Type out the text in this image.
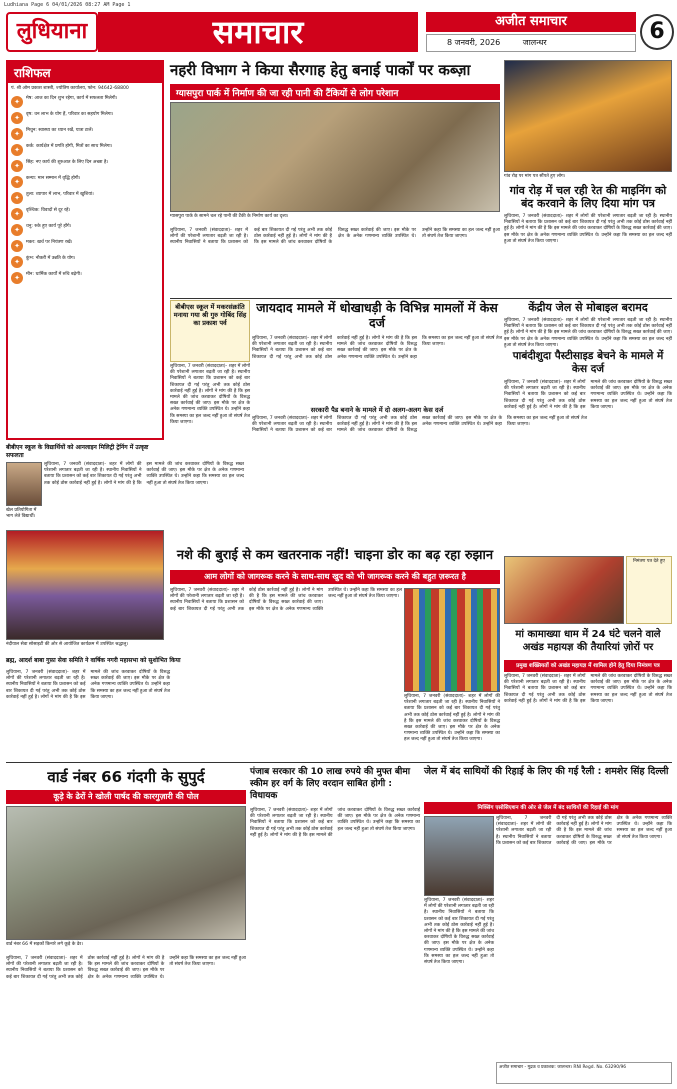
Ludhiana Page 6 04/01/2026 08:27 AM Page 1
लुधियाना	समाचार	अजीत समाचार
8 जनवरी, 2026	जालन्धर	6
राशिफल
पं. श्री ओम प्रकाश शास्त्री, ज्योतिष कार्यालय, फोन: 94642-68800
✦	मेष: आज का दिन शुभ रहेगा, कार्य में सफलता मिलेगी।
✦	वृष: धन लाभ के योग हैं, परिवार का सहयोग मिलेगा।
✦	मिथुन: स्वास्थ्य का ध्यान रखें, यात्रा टालें।
✦	कर्क: कार्यक्षेत्र में प्रगति होगी, मित्रों का साथ मिलेगा।
✦	सिंह: नए कार्य की शुरुआत के लिए दिन अच्छा है।
✦	कन्या: मान सम्मान में वृद्धि होगी।
✦	तुला: व्यापार में लाभ, परिवार में खुशियां।
✦	वृश्चिक: विवादों से दूर रहें।
✦	धनु: रुके हुए कार्य पूरे होंगे।
✦	मकर: खर्च पर नियंत्रण रखें।
✦	कुंभ: नौकरी में उन्नति के योग।
✦	मीन: धार्मिक कार्यों में रुचि बढ़ेगी।
नहरी विभाग ने किया सैरगाह हेतु बनाई पार्कों पर कब्ज़ा
ग्यासपुरा पार्क में निर्माण की जा रही पानी की टैंकियों से लोग परेशान
ग्यासपुरा पार्क के सामने चल रहे पानी की टैंकी के निर्माण कार्य का दृश्य।
लुधियाना, 7 जनवरी (संवाददाता)- शहर में लोगों की परेशानी लगातार बढ़ती जा रही है। स्थानीय निवासियों ने बताया कि प्रशासन को कई बार शिकायत दी गई परंतु अभी तक कोई ठोस कार्रवाई नहीं हुई है। लोगों ने मांग की है कि इस मामले की जांच करवाकर दोषियों के विरुद्ध सख्त कार्रवाई की जाए। इस मौके पर क्षेत्र के अनेक गणमान्य व्यक्ति उपस्थित थे। उन्होंने कहा कि समस्या का हल जल्द नहीं हुआ तो संघर्ष तेज किया जाएगा।
गांव रोड़ पर मांग पत्र सौंपते हुए लोग।
गांव रोड़ में चल रही रेत की माइनिंग को बंद करवाने के लिए दिया मांग पत्र
लुधियाना, 7 जनवरी (संवाददाता)- शहर में लोगों की परेशानी लगातार बढ़ती जा रही है। स्थानीय निवासियों ने बताया कि प्रशासन को कई बार शिकायत दी गई परंतु अभी तक कोई ठोस कार्रवाई नहीं हुई है। लोगों ने मांग की है कि इस मामले की जांच करवाकर दोषियों के विरुद्ध सख्त कार्रवाई की जाए। इस मौके पर क्षेत्र के अनेक गणमान्य व्यक्ति उपस्थित थे। उन्होंने कहा कि समस्या का हल जल्द नहीं हुआ तो संघर्ष तेज किया जाएगा।
केंद्रीय जेल से मोबाइल बरामद
लुधियाना, 7 जनवरी (संवाददाता)- शहर में लोगों की परेशानी लगातार बढ़ती जा रही है। स्थानीय निवासियों ने बताया कि प्रशासन को कई बार शिकायत दी गई परंतु अभी तक कोई ठोस कार्रवाई नहीं हुई है। लोगों ने मांग की है कि इस मामले की जांच करवाकर दोषियों के विरुद्ध सख्त कार्रवाई की जाए। इस मौके पर क्षेत्र के अनेक गणमान्य व्यक्ति उपस्थित थे। उन्होंने कहा कि समस्या का हल जल्द नहीं हुआ तो संघर्ष तेज किया जाएगा।
बीबीएस स्कूल में मकरसंक्रांति मनाया गया श्री गुरु गोबिंद सिंह का प्रकाश पर्व
लुधियाना, 7 जनवरी (संवाददाता)- शहर में लोगों की परेशानी लगातार बढ़ती जा रही है। स्थानीय निवासियों ने बताया कि प्रशासन को कई बार शिकायत दी गई परंतु अभी तक कोई ठोस कार्रवाई नहीं हुई है। लोगों ने मांग की है कि इस मामले की जांच करवाकर दोषियों के विरुद्ध सख्त कार्रवाई की जाए। इस मौके पर क्षेत्र के अनेक गणमान्य व्यक्ति उपस्थित थे। उन्होंने कहा कि समस्या का हल जल्द नहीं हुआ तो संघर्ष तेज किया जाएगा।
जायदाद मामले में धोखाधड़ी के विभिन्न मामलों में केस दर्ज
लुधियाना, 7 जनवरी (संवाददाता)- शहर में लोगों की परेशानी लगातार बढ़ती जा रही है। स्थानीय निवासियों ने बताया कि प्रशासन को कई बार शिकायत दी गई परंतु अभी तक कोई ठोस कार्रवाई नहीं हुई है। लोगों ने मांग की है कि इस मामले की जांच करवाकर दोषियों के विरुद्ध सख्त कार्रवाई की जाए। इस मौके पर क्षेत्र के अनेक गणमान्य व्यक्ति उपस्थित थे। उन्होंने कहा कि समस्या का हल जल्द नहीं हुआ तो संघर्ष तेज किया जाएगा।
सरकारी पैड बनाने के मामले में दो अलग-अलग केस दर्ज
लुधियाना, 7 जनवरी (संवाददाता)- शहर में लोगों की परेशानी लगातार बढ़ती जा रही है। स्थानीय निवासियों ने बताया कि प्रशासन को कई बार शिकायत दी गई परंतु अभी तक कोई ठोस कार्रवाई नहीं हुई है। लोगों ने मांग की है कि इस मामले की जांच करवाकर दोषियों के विरुद्ध सख्त कार्रवाई की जाए। इस मौके पर क्षेत्र के अनेक गणमान्य व्यक्ति उपस्थित थे। उन्होंने कहा कि समस्या का हल जल्द नहीं हुआ तो संघर्ष तेज किया जाएगा।
पाबंदीशुदा पैस्टीसाइड बेचने के मामले में केस दर्ज
लुधियाना, 7 जनवरी (संवाददाता)- शहर में लोगों की परेशानी लगातार बढ़ती जा रही है। स्थानीय निवासियों ने बताया कि प्रशासन को कई बार शिकायत दी गई परंतु अभी तक कोई ठोस कार्रवाई नहीं हुई है। लोगों ने मांग की है कि इस मामले की जांच करवाकर दोषियों के विरुद्ध सख्त कार्रवाई की जाए। इस मौके पर क्षेत्र के अनेक गणमान्य व्यक्ति उपस्थित थे। उन्होंने कहा कि समस्या का हल जल्द नहीं हुआ तो संघर्ष तेज किया जाएगा।
बीबीएन स्कूल के विद्यार्थियों को आनलाइन मिलिट्री ट्रेनिंग में उत्कृष्ट सफलता
लुधियाना, 7 जनवरी (संवाददाता)- शहर में लोगों की परेशानी लगातार बढ़ती जा रही है। स्थानीय निवासियों ने बताया कि प्रशासन को कई बार शिकायत दी गई परंतु अभी तक कोई ठोस कार्रवाई नहीं हुई है। लोगों ने मांग की है कि इस मामले की जांच करवाकर दोषियों के विरुद्ध सख्त कार्रवाई की जाए। इस मौके पर क्षेत्र के अनेक गणमान्य व्यक्ति उपस्थित थे। उन्होंने कहा कि समस्या का हल जल्द नहीं हुआ तो संघर्ष तेज किया जाएगा।
खेल प्रतियोगिता में भाग लेते विद्यार्थी।
नंदीयाल सेवा सोसाइटी की ओर से आयोजित कार्यक्रम में उपस्थित श्रद्धालु।
ब्रह्म, आदर्श बाबा गुफ़ा सेवा समिति ने वार्षिक नगरी महासभा को सुशोभित किया
लुधियाना, 7 जनवरी (संवाददाता)- शहर में लोगों की परेशानी लगातार बढ़ती जा रही है। स्थानीय निवासियों ने बताया कि प्रशासन को कई बार शिकायत दी गई परंतु अभी तक कोई ठोस कार्रवाई नहीं हुई है। लोगों ने मांग की है कि इस मामले की जांच करवाकर दोषियों के विरुद्ध सख्त कार्रवाई की जाए। इस मौके पर क्षेत्र के अनेक गणमान्य व्यक्ति उपस्थित थे। उन्होंने कहा कि समस्या का हल जल्द नहीं हुआ तो संघर्ष तेज किया जाएगा।
नशे की बुराई से कम खतरनाक नहीं! चाइना डोर का बढ़ रहा रुझान
आम लोगों को जागरूक करने के साथ-साथ खुद को भी जागरूक करने की बहुत ज़रूरत है
लुधियाना, 7 जनवरी (संवाददाता)- शहर में लोगों की परेशानी लगातार बढ़ती जा रही है। स्थानीय निवासियों ने बताया कि प्रशासन को कई बार शिकायत दी गई परंतु अभी तक कोई ठोस कार्रवाई नहीं हुई है। लोगों ने मांग की है कि इस मामले की जांच करवाकर दोषियों के विरुद्ध सख्त कार्रवाई की जाए। इस मौके पर क्षेत्र के अनेक गणमान्य व्यक्ति उपस्थित थे। उन्होंने कहा कि समस्या का हल जल्द नहीं हुआ तो संघर्ष तेज किया जाएगा।
लुधियाना, 7 जनवरी (संवाददाता)- शहर में लोगों की परेशानी लगातार बढ़ती जा रही है। स्थानीय निवासियों ने बताया कि प्रशासन को कई बार शिकायत दी गई परंतु अभी तक कोई ठोस कार्रवाई नहीं हुई है। लोगों ने मांग की है कि इस मामले की जांच करवाकर दोषियों के विरुद्ध सख्त कार्रवाई की जाए। इस मौके पर क्षेत्र के अनेक गणमान्य व्यक्ति उपस्थित थे। उन्होंने कहा कि समस्या का हल जल्द नहीं हुआ तो संघर्ष तेज किया जाएगा।
निमंत्रण पत्र देते हुए
मां कामाख्या धाम में 24 घंटे चलने वाले अखंड महायज्ञ की तैयारियां ज़ोरों पर
प्रमुख शख्सियतों को अखंड महायज्ञ में शामिल होने हेतु दिया निमंत्रण पत्र
लुधियाना, 7 जनवरी (संवाददाता)- शहर में लोगों की परेशानी लगातार बढ़ती जा रही है। स्थानीय निवासियों ने बताया कि प्रशासन को कई बार शिकायत दी गई परंतु अभी तक कोई ठोस कार्रवाई नहीं हुई है। लोगों ने मांग की है कि इस मामले की जांच करवाकर दोषियों के विरुद्ध सख्त कार्रवाई की जाए। इस मौके पर क्षेत्र के अनेक गणमान्य व्यक्ति उपस्थित थे। उन्होंने कहा कि समस्या का हल जल्द नहीं हुआ तो संघर्ष तेज किया जाएगा।
वार्ड नंबर 66 गंदगी के सुपुर्द
कूड़े के ढेरों ने खोली पार्षद की कारगुज़ारी की पोल
वार्ड नंबर 66 में सड़कों किनारे लगे कूड़े के ढेर।
लुधियाना, 7 जनवरी (संवाददाता)- शहर में लोगों की परेशानी लगातार बढ़ती जा रही है। स्थानीय निवासियों ने बताया कि प्रशासन को कई बार शिकायत दी गई परंतु अभी तक कोई ठोस कार्रवाई नहीं हुई है। लोगों ने मांग की है कि इस मामले की जांच करवाकर दोषियों के विरुद्ध सख्त कार्रवाई की जाए। इस मौके पर क्षेत्र के अनेक गणमान्य व्यक्ति उपस्थित थे। उन्होंने कहा कि समस्या का हल जल्द नहीं हुआ तो संघर्ष तेज किया जाएगा।
पंजाब सरकार की 10 लाख रुपये की मुफ्त बीमा स्कीम हर वर्ग के लिए वरदान साबित होगी : विधायक
लुधियाना, 7 जनवरी (संवाददाता)- शहर में लोगों की परेशानी लगातार बढ़ती जा रही है। स्थानीय निवासियों ने बताया कि प्रशासन को कई बार शिकायत दी गई परंतु अभी तक कोई ठोस कार्रवाई नहीं हुई है। लोगों ने मांग की है कि इस मामले की जांच करवाकर दोषियों के विरुद्ध सख्त कार्रवाई की जाए। इस मौके पर क्षेत्र के अनेक गणमान्य व्यक्ति उपस्थित थे। उन्होंने कहा कि समस्या का हल जल्द नहीं हुआ तो संघर्ष तेज किया जाएगा।
जेल में बंद साथियों की रिहाई के लिए की गई रैली : शमशेर सिंह दिल्ली
मिक्सिंग एसोसिएशन की ओर से जेल में बंद साथियों की रिहाई की मांग
लुधियाना, 7 जनवरी (संवाददाता)- शहर में लोगों की परेशानी लगातार बढ़ती जा रही है। स्थानीय निवासियों ने बताया कि प्रशासन को कई बार शिकायत दी गई परंतु अभी तक कोई ठोस कार्रवाई नहीं हुई है। लोगों ने मांग की है कि इस मामले की जांच करवाकर दोषियों के विरुद्ध सख्त कार्रवाई की जाए। इस मौके पर क्षेत्र के अनेक गणमान्य व्यक्ति उपस्थित थे। उन्होंने कहा कि समस्या का हल जल्द नहीं हुआ तो संघर्ष तेज किया जाएगा।
लुधियाना, 7 जनवरी (संवाददाता)- शहर में लोगों की परेशानी लगातार बढ़ती जा रही है। स्थानीय निवासियों ने बताया कि प्रशासन को कई बार शिकायत दी गई परंतु अभी तक कोई ठोस कार्रवाई नहीं हुई है। लोगों ने मांग की है कि इस मामले की जांच करवाकर दोषियों के विरुद्ध सख्त कार्रवाई की जाए। इस मौके पर क्षेत्र के अनेक गणमान्य व्यक्ति उपस्थित थे। उन्होंने कहा कि समस्या का हल जल्द नहीं हुआ तो संघर्ष तेज किया जाएगा।
अजीत समाचार - मुद्रक व प्रकाशक: जालन्धर। RNI Regd. No. 63290/96
